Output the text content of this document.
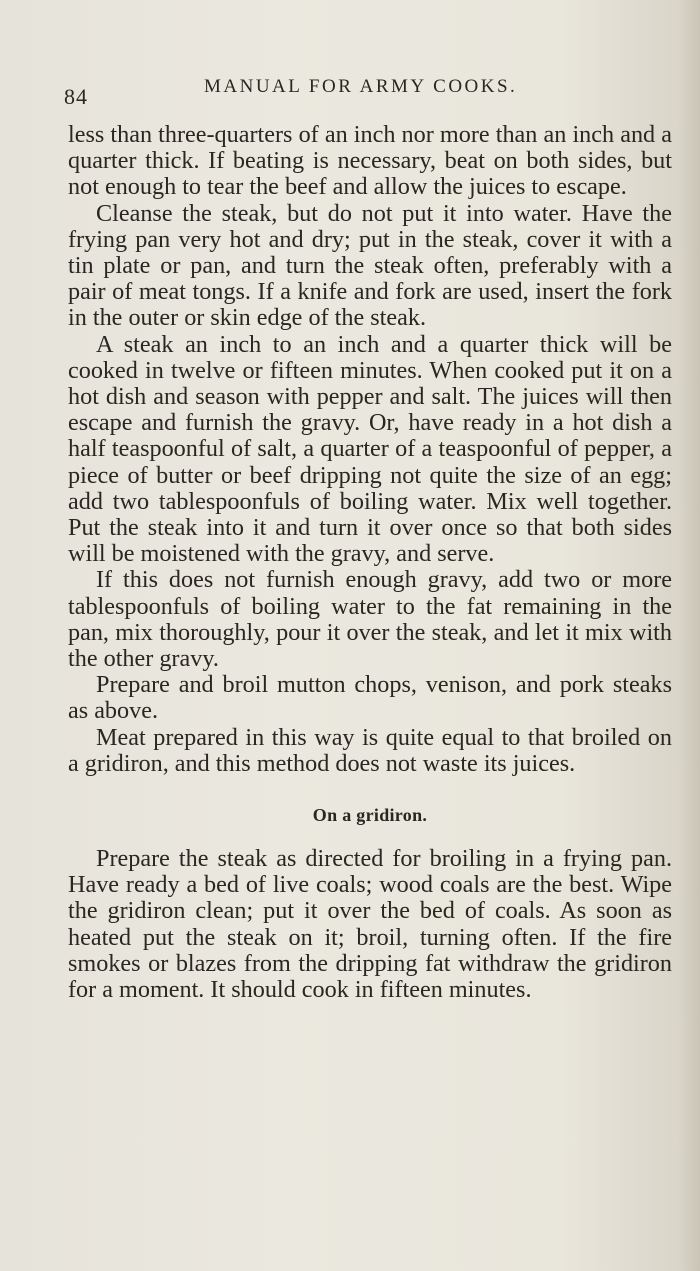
84	MANUAL FOR ARMY COOKS.

less than three-quarters of an inch nor more than an inch and a quarter thick. If beating is necessary, beat on both sides, but not enough to tear the beef and allow the juices to escape.

Cleanse the steak, but do not put it into water. Have the frying pan very hot and dry; put in the steak, cover it with a tin plate or pan, and turn the steak often, preferably with a pair of meat tongs. If a knife and fork are used, insert the fork in the outer or skin edge of the steak.

A steak an inch to an inch and a quarter thick will be cooked in twelve or fifteen minutes. When cooked put it on a hot dish and season with pepper and salt. The juices will then escape and furnish the gravy. Or, have ready in a hot dish a half teaspoonful of salt, a quarter of a teaspoonful of pepper, a piece of butter or beef dripping not quite the size of an egg; add two tablespoonfuls of boiling water. Mix well together. Put the steak into it and turn it over once so that both sides will be moistened with the gravy, and serve.

If this does not furnish enough gravy, add two or more tablespoonfuls of boiling water to the fat remaining in the pan, mix thoroughly, pour it over the steak, and let it mix with the other gravy.

Prepare and broil mutton chops, venison, and pork steaks as above.

Meat prepared in this way is quite equal to that broiled on a gridiron, and this method does not waste its juices.

On a gridiron.

Prepare the steak as directed for broiling in a frying pan. Have ready a bed of live coals; wood coals are the best. Wipe the gridiron clean; put it over the bed of coals. As soon as heated put the steak on it; broil, turning often. If the fire smokes or blazes from the dripping fat withdraw the gridiron for a moment. It should cook in fifteen minutes.
